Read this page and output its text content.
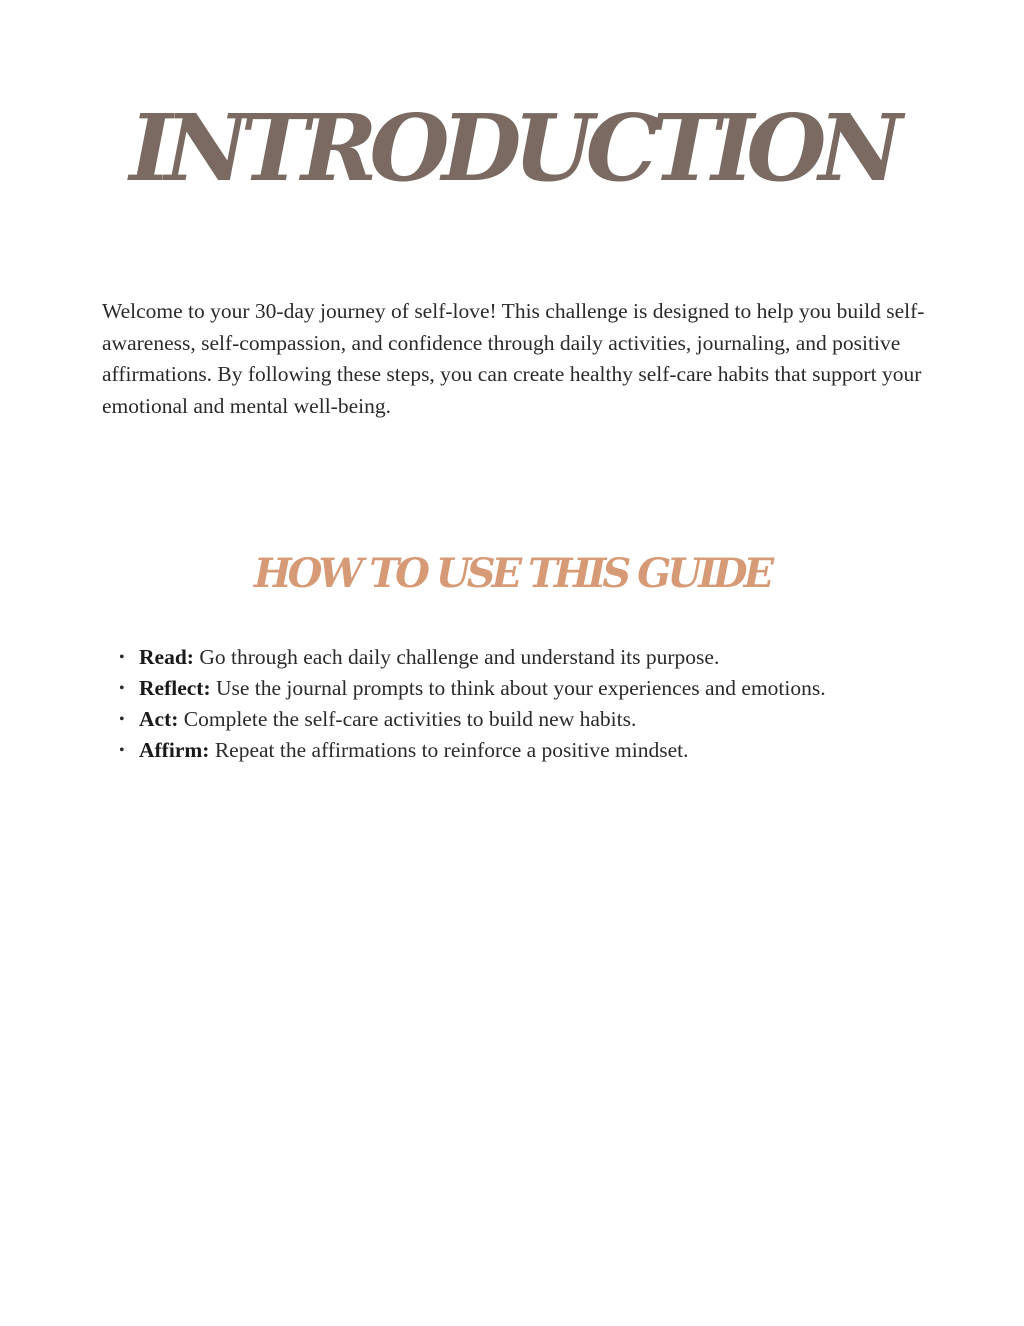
INTRODUCTION

Welcome to your 30-day journey of self-love! This challenge is designed to help you build self-awareness, self-compassion, and confidence through daily activities, journaling, and positive affirmations. By following these steps, you can create healthy self-care habits that support your emotional and mental well-being.

HOW TO USE THIS GUIDE
• Read: Go through each daily challenge and understand its purpose.
• Reflect: Use the journal prompts to think about your experiences and emotions.
• Act: Complete the self-care activities to build new habits.
• Affirm: Repeat the affirmations to reinforce a positive mindset.
